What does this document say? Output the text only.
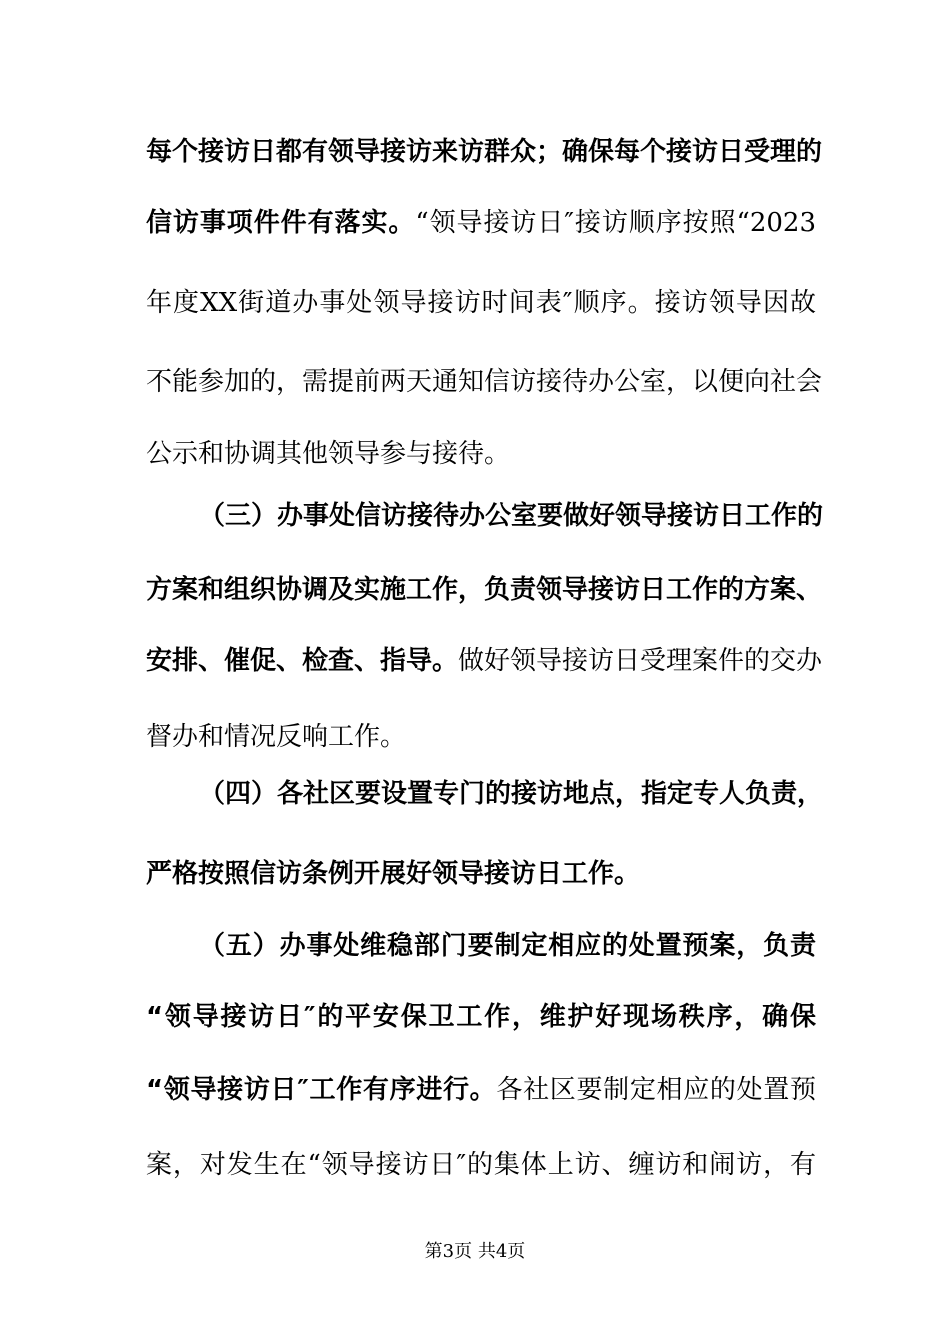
每个接访日都有领导接访来访群众；确保每个接访日受理的
信访事项件件有落实。“领导接访日″接访顺序按照“2023
年度XX街道办事处领导接访时间表″顺序。接访领导因故
不能参加的，需提前两天通知信访接待办公室，以便向社会
公示和协调其他领导参与接待。
（三）办事处信访接待办公室要做好领导接访日工作的
方案和组织协调及实施工作，负责领导接访日工作的方案、
安排、催促、检查、指导。做好领导接访日受理案件的交办
督办和情况反响工作。
（四）各社区要设置专门的接访地点，指定专人负责，
严格按照信访条例开展好领导接访日工作。
（五）办事处维稳部门要制定相应的处置预案，负责
“领导接访日″的平安保卫工作，维护好现场秩序，确保
“领导接访日″工作有序进行。各社区要制定相应的处置预
案，对发生在“领导接访日″的集体上访、缠访和闹访，有
第3页 共4页
